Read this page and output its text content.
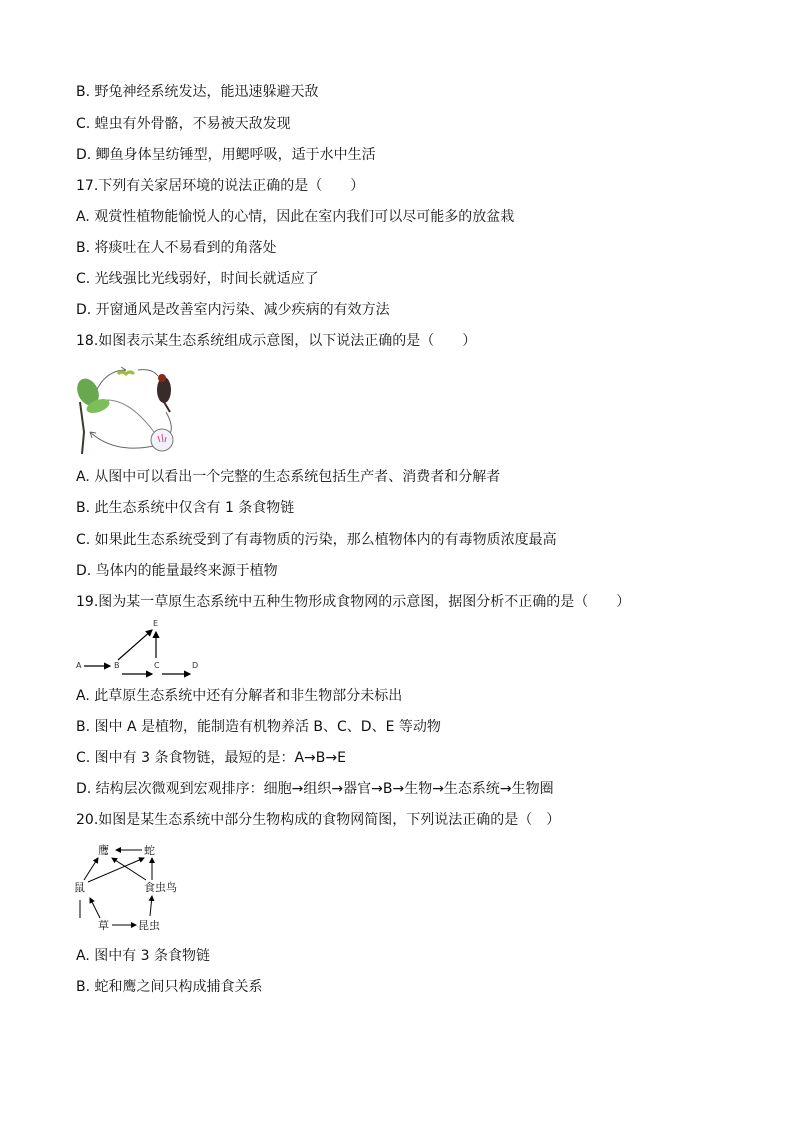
B. 野兔神经系统发达，能迅速躲避天敌
C. 蝗虫有外骨骼，不易被天敌发现
D. 鲫鱼身体呈纺锤型，用鳃呼吸，适于水中生活
17.下列有关家居环境的说法正确的是（　　）
A. 观赏性植物能愉悦人的心情，因此在室内我们可以尽可能多的放盆栽
B. 将痰吐在人不易看到的角落处
C. 光线强比光线弱好，时间长就适应了
D. 开窗通风是改善室内污染、减少疾病的有效方法
18.如图表示某生态系统组成示意图，以下说法正确的是（　　）
A. 从图中可以看出一个完整的生态系统包括生产者、消费者和分解者
B. 此生态系统中仅含有 1 条食物链
C. 如果此生态系统受到了有毒物质的污染，那么植物体内的有毒物质浓度最高
D. 鸟体内的能量最终来源于植物
19.图为某一草原生态系统中五种生物形成食物网的示意图，据图分析不正确的是（　　）
A	B	C	D
E
A. 此草原生态系统中还有分解者和非生物部分未标出
B. 图中 A 是植物，能制造有机物养活 B、C、D、E 等动物
C. 图中有 3 条食物链，最短的是：A→B→E
D. 结构层次微观到宏观排序：细胞→组织→器官→B→生物→生态系统→生物圈
20.如图是某生态系统中部分生物构成的食物网简图，下列说法正确的是（　）
鹰	蛇
鼠	食虫鸟
草	昆虫
A. 图中有 3 条食物链
B. 蛇和鹰之间只构成捕食关系
